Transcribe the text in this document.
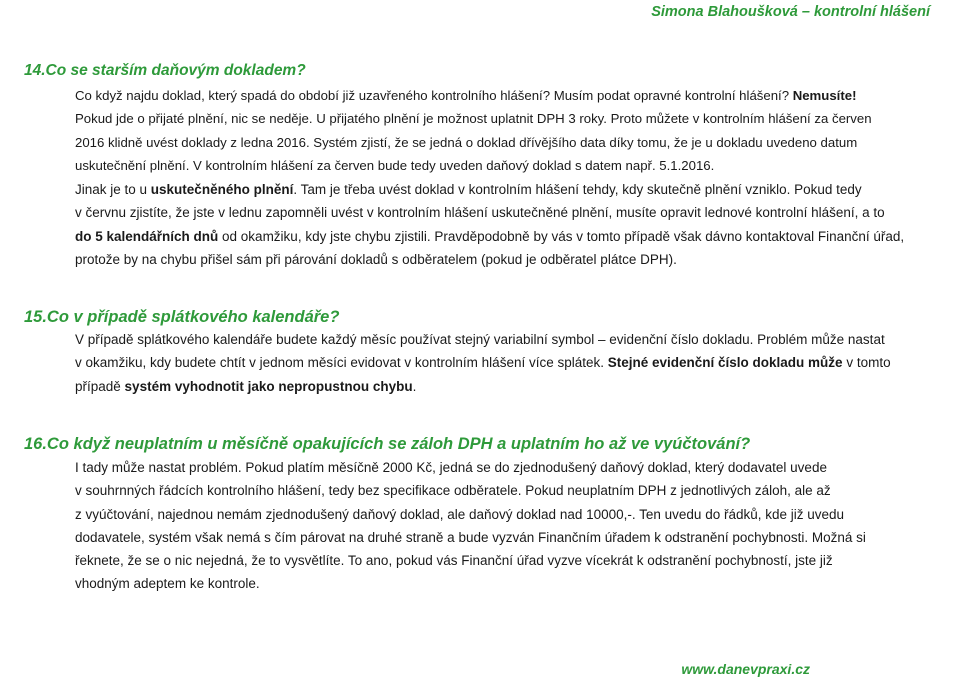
Simona Blahoušková – kontrolní hlášení
14.Co se starším daňovým dokladem?
Co když najdu doklad, který spadá do období již uzavřeného kontrolního hlášení? Musím podat opravné kontrolní hlášení? Nemusíte!
Pokud jde o přijaté plnění, nic se neděje. U přijatého plnění je možnost uplatnit DPH 3 roky. Proto můžete v kontrolním hlášení za červen
2016 klidně uvést doklady z ledna 2016. Systém zjistí, že se jedná o doklad dřívějšího data díky tomu, že je u dokladu uvedeno datum
uskutečnění plnění. V kontrolním hlášení za červen bude tedy uveden daňový doklad s datem např. 5.1.2016.
Jinak je to u uskutečněného plnění. Tam je třeba uvést doklad v kontrolním hlášení tehdy, kdy skutečně plnění vzniklo. Pokud tedy
v červnu zjistíte, že jste v lednu zapomněli uvést v kontrolním hlášení uskutečněné plnění, musíte opravit lednové kontrolní hlášení, a to
do 5 kalendářních dnů od okamžiku, kdy jste chybu zjistili. Pravděpodobně by vás v tomto případě však dávno kontaktoval Finanční úřad,
protože by na chybu přišel sám při párování dokladů s odběratelem (pokud je odběratel plátce DPH).
15.Co v případě splátkového kalendáře?
V případě splátkového kalendáře budete každý měsíc používat stejný variabilní symbol – evidenční číslo dokladu. Problém může nastat
v okamžiku, kdy budete chtít v jednom měsíci evidovat v kontrolním hlášení více splátek. Stejné evidenční číslo dokladu může v tomto
případě systém vyhodnotit jako nepropustnou chybu.
16.Co když neuplatním u měsíčně opakujících se záloh DPH a uplatním ho až ve vyúčtování?
I tady může nastat problém. Pokud platím měsíčně 2000 Kč, jedná se do zjednodušený daňový doklad, který dodavatel uvede
v souhrnných řádcích kontrolního hlášení, tedy bez specifikace odběratele. Pokud neuplatním DPH z jednotlivých záloh, ale až
z vyúčtování, najednou nemám zjednodušený daňový doklad, ale daňový doklad nad 10000,-. Ten uvedu do řádků, kde již uvedu
dodavatele, systém však nemá s čím párovat na druhé straně a bude vyzván Finančním úřadem k odstranění pochybnosti. Možná si
řeknete, že se o nic nejedná, že to vysvětlíte. To ano, pokud vás Finanční úřad vyzve vícekrát k odstranění pochybností, jste již
vhodným adeptem ke kontrole.
www.danevpraxi.cz
